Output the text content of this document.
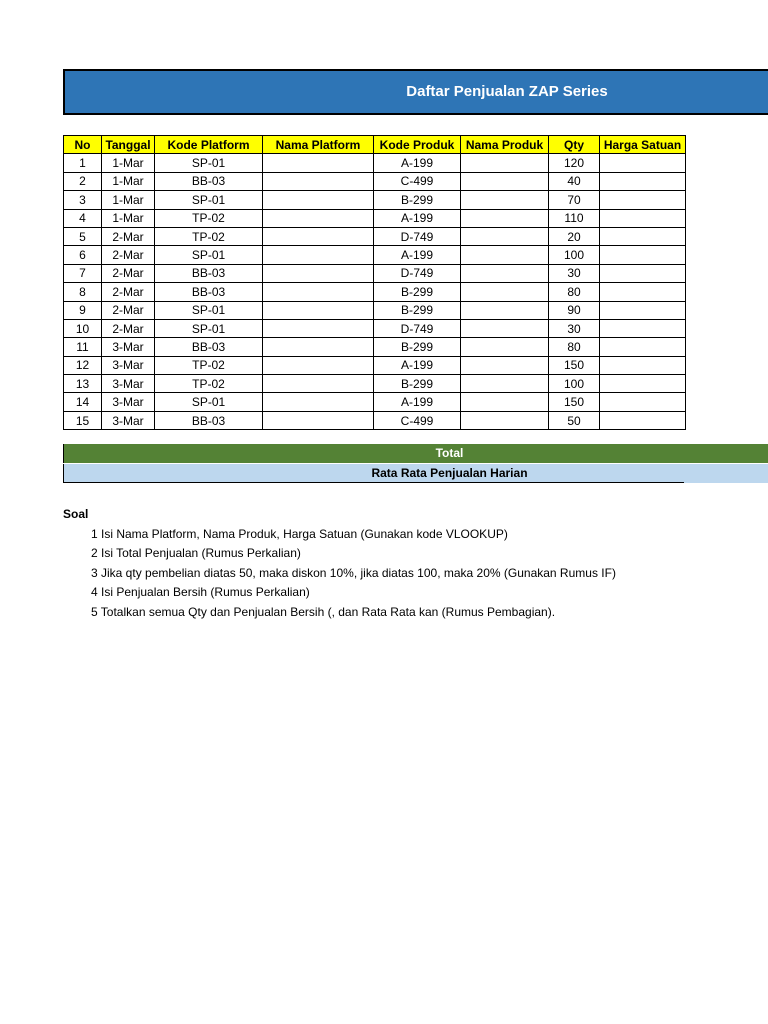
Daftar Penjualan ZAP Series
No	Tanggal	Kode Platform	Nama Platform	Kode Produk	Nama Produk	Qty	Harga Satuan
1	1-Mar	SP-01		A-199		120	
2	1-Mar	BB-03		C-499		40	
3	1-Mar	SP-01		B-299		70	
4	1-Mar	TP-02		A-199		110	
5	2-Mar	TP-02		D-749		20	
6	2-Mar	SP-01		A-199		100	
7	2-Mar	BB-03		D-749		30	
8	2-Mar	BB-03		B-299		80	
9	2-Mar	SP-01		B-299		90	
10	2-Mar	SP-01		D-749		30	
11	3-Mar	BB-03		B-299		80	
12	3-Mar	TP-02		A-199		150	
13	3-Mar	TP-02		B-299		100	
14	3-Mar	SP-01		A-199		150	
15	3-Mar	BB-03		C-499		50	
Total
Rata Rata Penjualan Harian
Soal
1 Isi Nama Platform, Nama Produk, Harga Satuan (Gunakan kode VLOOKUP)
2 Isi Total Penjualan (Rumus Perkalian)
3 Jika qty pembelian diatas 50, maka diskon 10%, jika diatas 100, maka 20% (Gunakan Rumus IF)
4 Isi Penjualan Bersih (Rumus Perkalian)
5 Totalkan semua Qty dan Penjualan Bersih (, dan Rata Rata kan (Rumus Pembagian).
